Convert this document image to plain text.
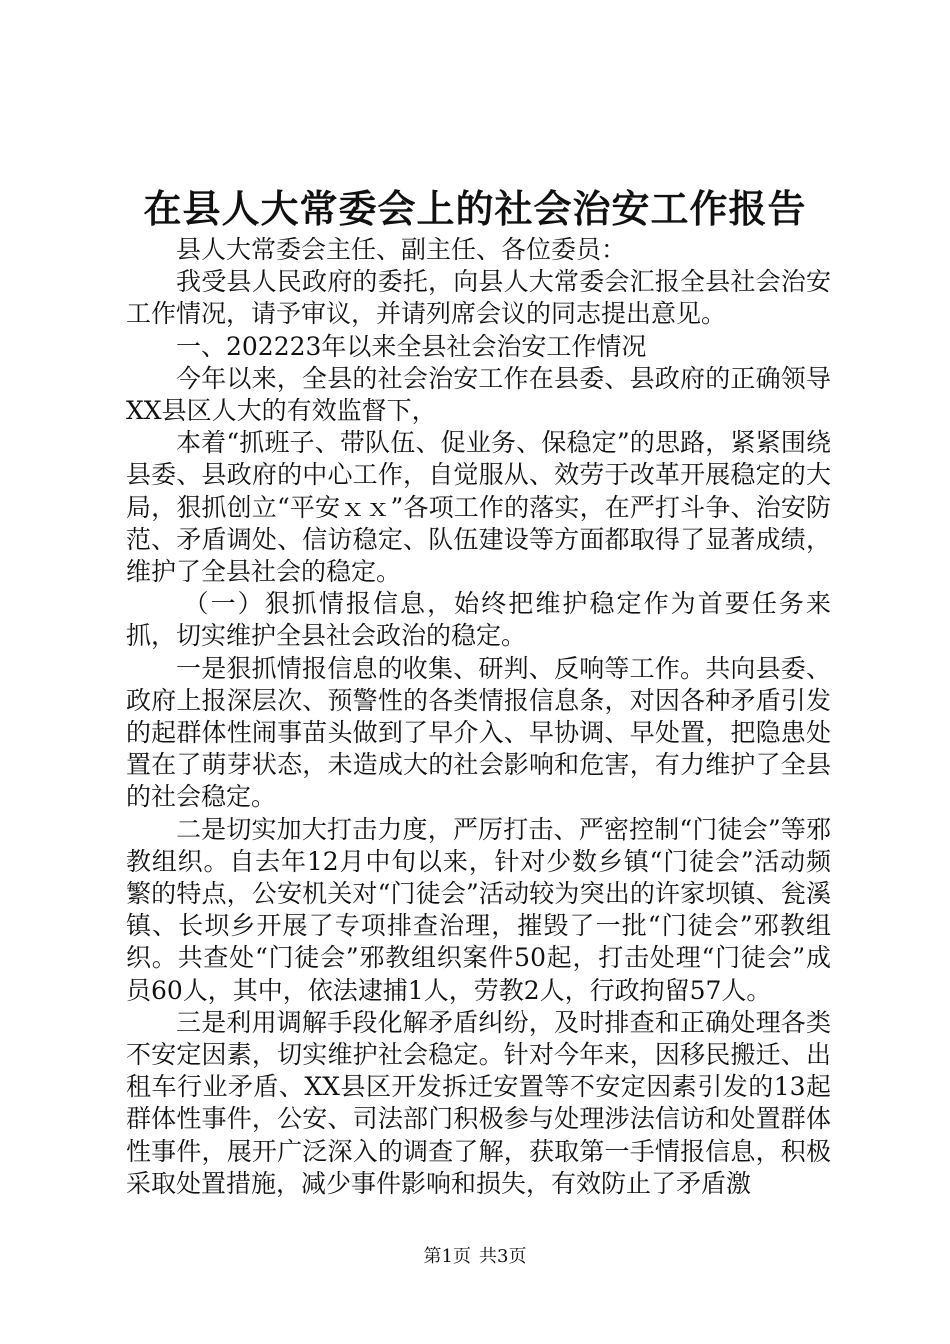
在县人大常委会上的社会治安工作报告

县人大常委会主任、副主任、各位委员：

我受县人民政府的委托，向县人大常委会汇报全县社会治安工作情况，请予审议，并请列席会议的同志提出意见。

一、202223年以来全县社会治安工作情况

今年以来，全县的社会治安工作在县委、县政府的正确领导XX县区人大的有效监督下，

本着“抓班子、带队伍、促业务、保稳定”的思路，紧紧围绕县委、县政府的中心工作，自觉服从、效劳于改革开展稳定的大局，狠抓创立“平安ｘｘ”各项工作的落实，在严打斗争、治安防范、矛盾调处、信访稳定、队伍建设等方面都取得了显著成绩，维护了全县社会的稳定。

（一）狠抓情报信息，始终把维护稳定作为首要任务来抓，切实维护全县社会政治的稳定。

一是狠抓情报信息的收集、研判、反响等工作。共向县委、政府上报深层次、预警性的各类情报信息条，对因各种矛盾引发的起群体性闹事苗头做到了早介入、早协调、早处置，把隐患处置在了萌芽状态，未造成大的社会影响和危害，有力维护了全县的社会稳定。

二是切实加大打击力度，严厉打击、严密控制“门徒会”等邪教组织。自去年12月中旬以来，针对少数乡镇“门徒会”活动频繁的特点，公安机关对“门徒会”活动较为突出的许家坝镇、瓮溪镇、长坝乡开展了专项排查治理，摧毁了一批“门徒会”邪教组织。共查处“门徒会”邪教组织案件50起，打击处理“门徒会”成员60人，其中，依法逮捕1人，劳教2人，行政拘留57人。

三是利用调解手段化解矛盾纠纷，及时排查和正确处理各类不安定因素，切实维护社会稳定。针对今年来，因移民搬迁、出租车行业矛盾、XX县区开发拆迁安置等不安定因素引发的13起群体性事件，公安、司法部门积极参与处理涉法信访和处置群体性事件，展开广泛深入的调查了解，获取第一手情报信息，积极采取处置措施，减少事件影响和损失，有效防止了矛盾激

第1页 共3页
